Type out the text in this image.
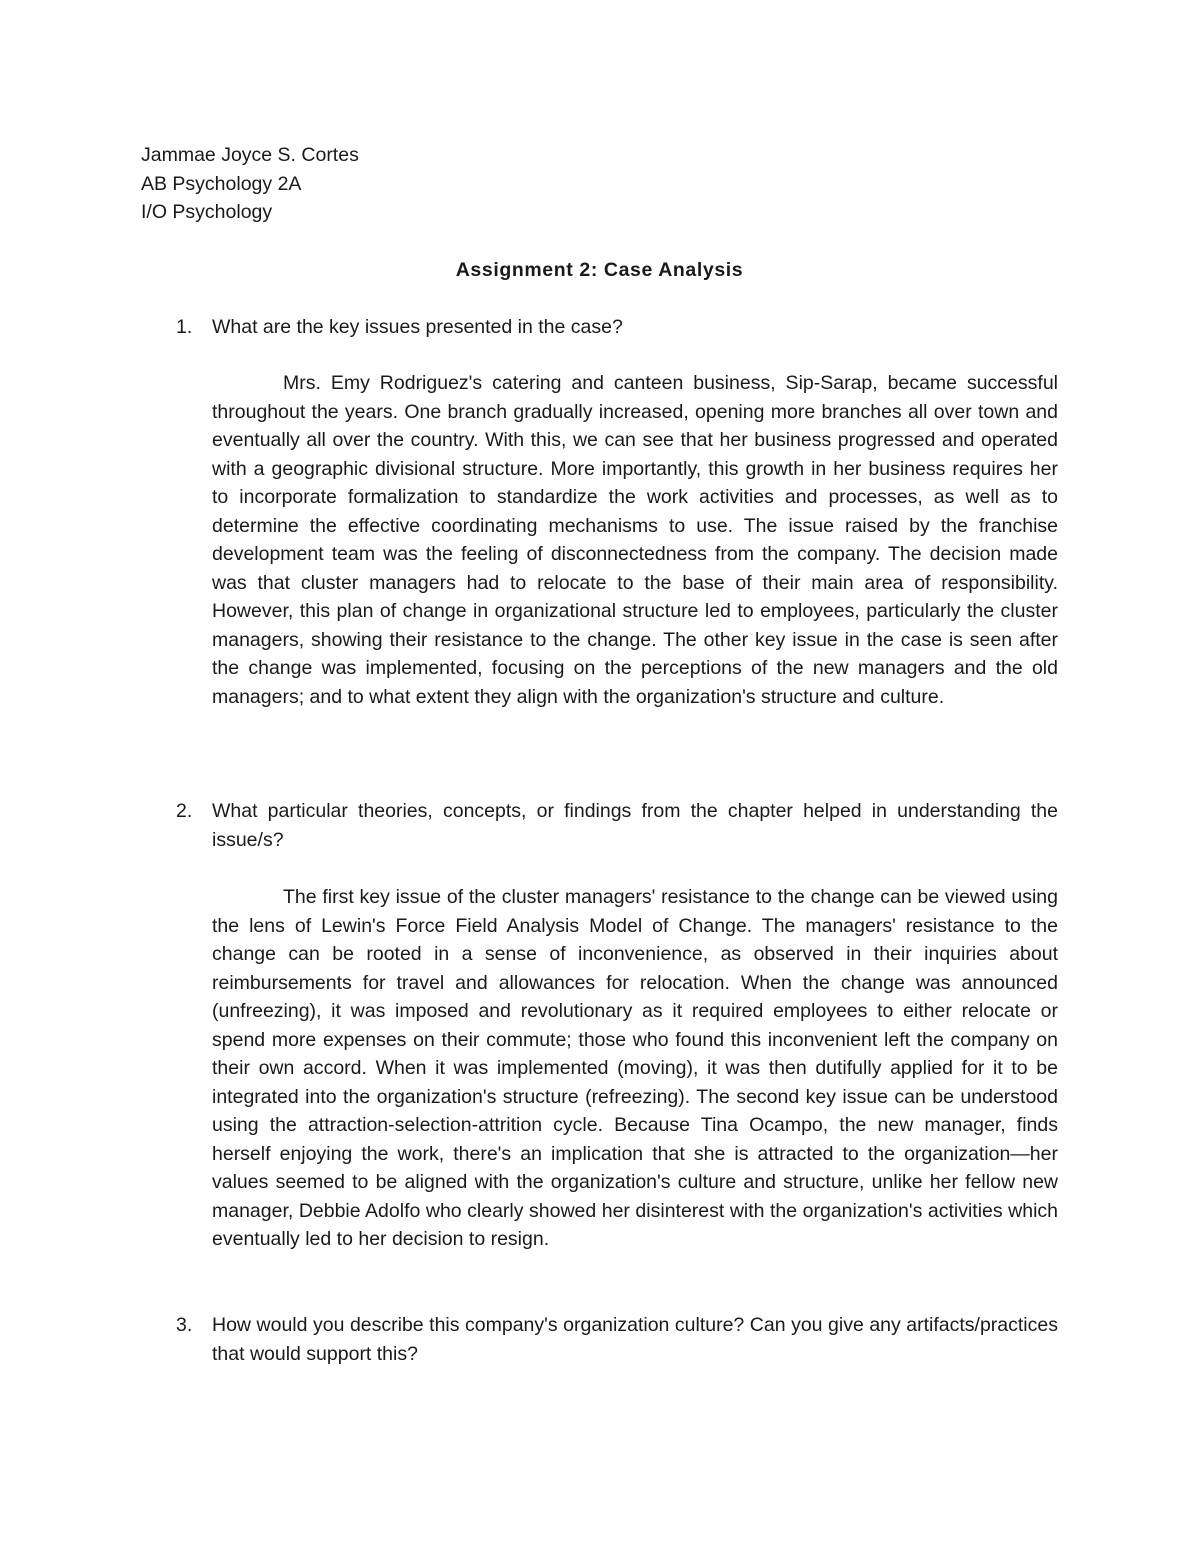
Jammae Joyce S. Cortes
AB Psychology 2A
I/O Psychology
Assignment 2: Case Analysis
1. What are the key issues presented in the case?

Mrs. Emy Rodriguez's catering and canteen business, Sip-Sarap, became successful throughout the years. One branch gradually increased, opening more branches all over town and eventually all over the country. With this, we can see that her business progressed and operated with a geographic divisional structure. More importantly, this growth in her business requires her to incorporate formalization to standardize the work activities and processes, as well as to determine the effective coordinating mechanisms to use. The issue raised by the franchise development team was the feeling of disconnectedness from the company. The decision made was that cluster managers had to relocate to the base of their main area of responsibility. However, this plan of change in organizational structure led to employees, particularly the cluster managers, showing their resistance to the change. The other key issue in the case is seen after the change was implemented, focusing on the perceptions of the new managers and the old managers; and to what extent they align with the organization's structure and culture.

2. What particular theories, concepts, or findings from the chapter helped in understanding the issue/s?

The first key issue of the cluster managers' resistance to the change can be viewed using the lens of Lewin's Force Field Analysis Model of Change. The managers' resistance to the change can be rooted in a sense of inconvenience, as observed in their inquiries about reimbursements for travel and allowances for relocation. When the change was announced (unfreezing), it was imposed and revolutionary as it required employees to either relocate or spend more expenses on their commute; those who found this inconvenient left the company on their own accord. When it was implemented (moving), it was then dutifully applied for it to be integrated into the organization's structure (refreezing). The second key issue can be understood using the attraction-selection-attrition cycle. Because Tina Ocampo, the new manager, finds herself enjoying the work, there's an implication that she is attracted to the organization—her values seemed to be aligned with the organization's culture and structure, unlike her fellow new manager, Debbie Adolfo who clearly showed her disinterest with the organization's activities which eventually led to her decision to resign.

3. How would you describe this company's organization culture? Can you give any artifacts/practices that would support this?
